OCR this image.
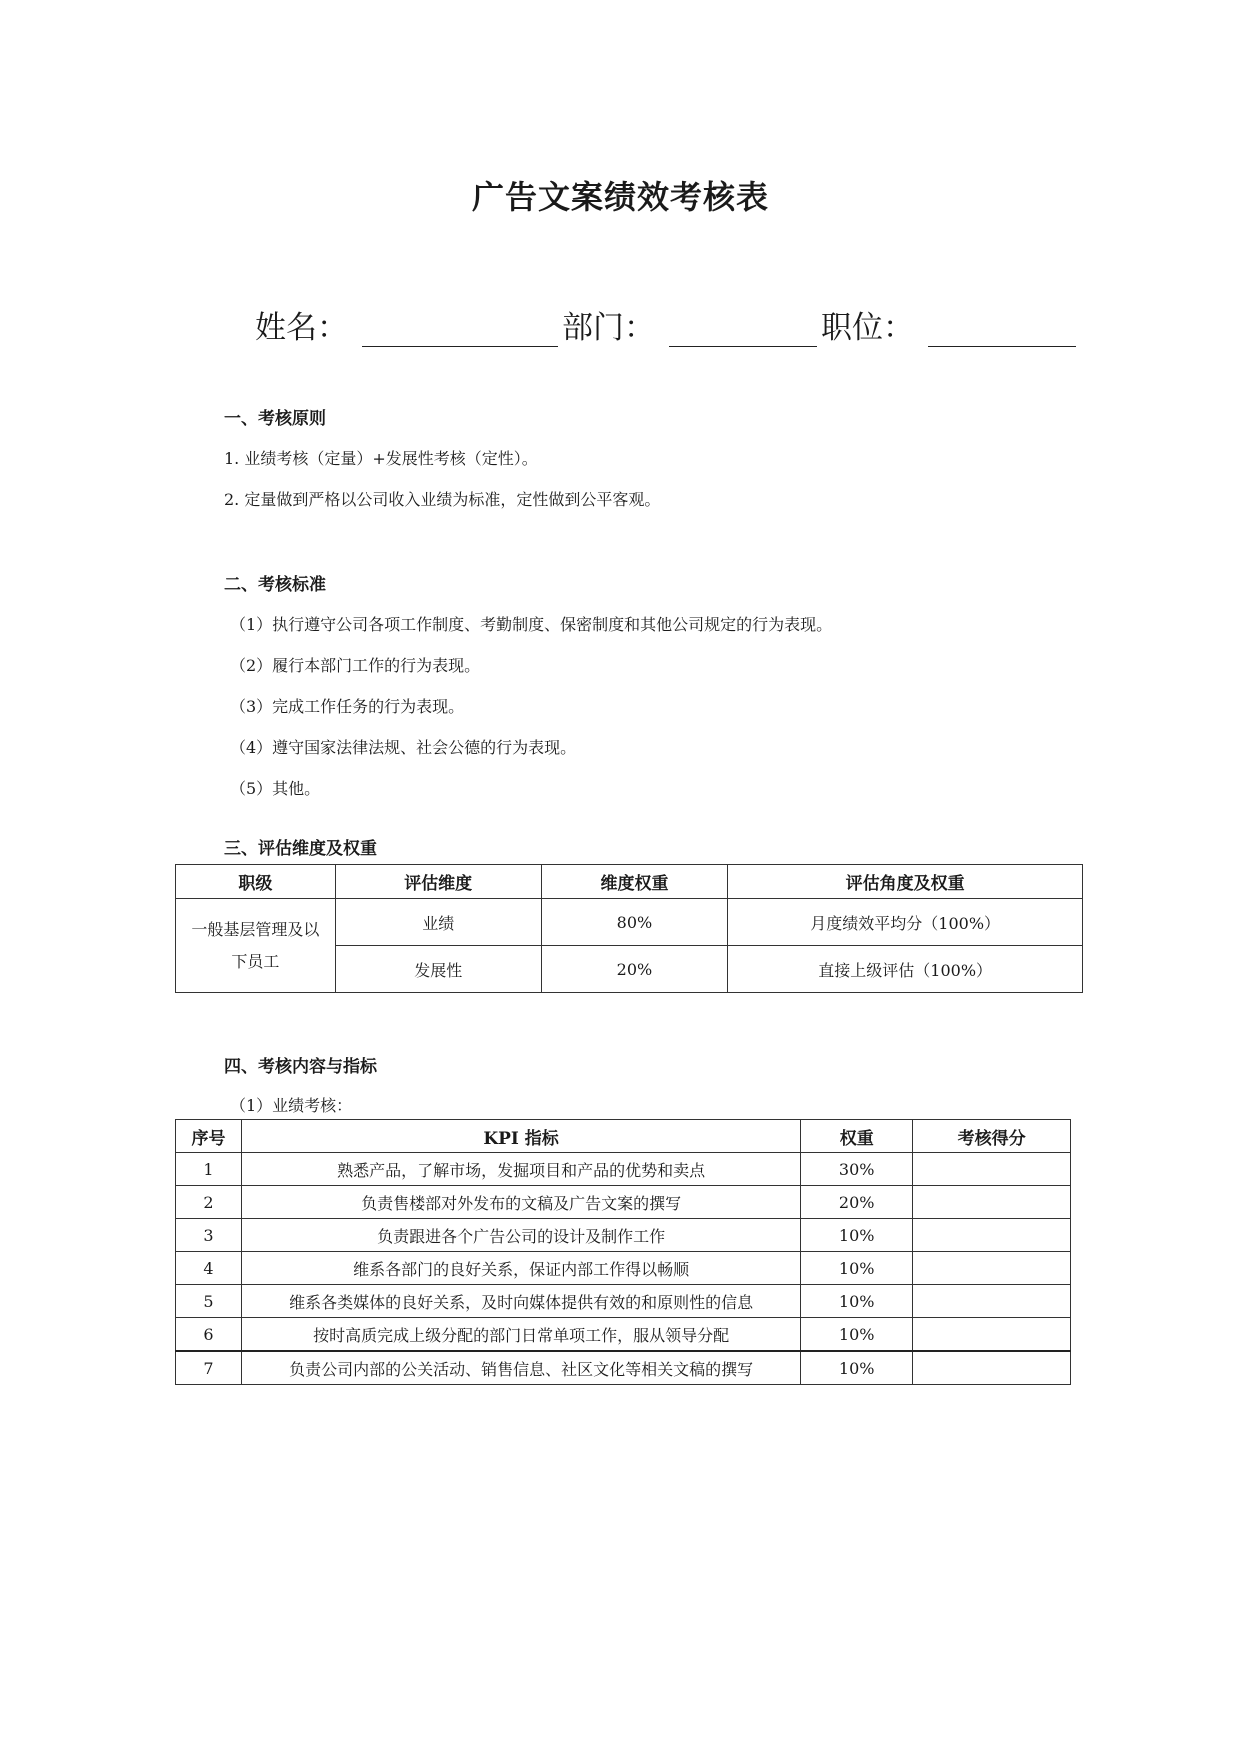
广告文案绩效考核表
姓名：	部门：	职位：
一、考核原则
1. 业绩考核（定量）+发展性考核（定性）。
2. 定量做到严格以公司收入业绩为标准，定性做到公平客观。
二、考核标准
（1）执行遵守公司各项工作制度、考勤制度、保密制度和其他公司规定的行为表现。
（2）履行本部门工作的行为表现。
（3）完成工作任务的行为表现。
（4）遵守国家法律法规、社会公德的行为表现。
（5）其他。
三、评估维度及权重
职级	评估维度	维度权重	评估角度及权重
一般基层管理及以下员工	业绩	80%	月度绩效平均分（100%）
	发展性	20%	直接上级评估（100%）
四、考核内容与指标
（1）业绩考核：
序号	KPI 指标	权重	考核得分
1	熟悉产品，了解市场，发掘项目和产品的优势和卖点	30%	
2	负责售楼部对外发布的文稿及广告文案的撰写	20%	
3	负责跟进各个广告公司的设计及制作工作	10%	
4	维系各部门的良好关系，保证内部工作得以畅顺	10%	
5	维系各类媒体的良好关系，及时向媒体提供有效的和原则性的信息	10%	
6	按时高质完成上级分配的部门日常单项工作，服从领导分配	10%	
7	负责公司内部的公关活动、销售信息、社区文化等相关文稿的撰写	10%	
